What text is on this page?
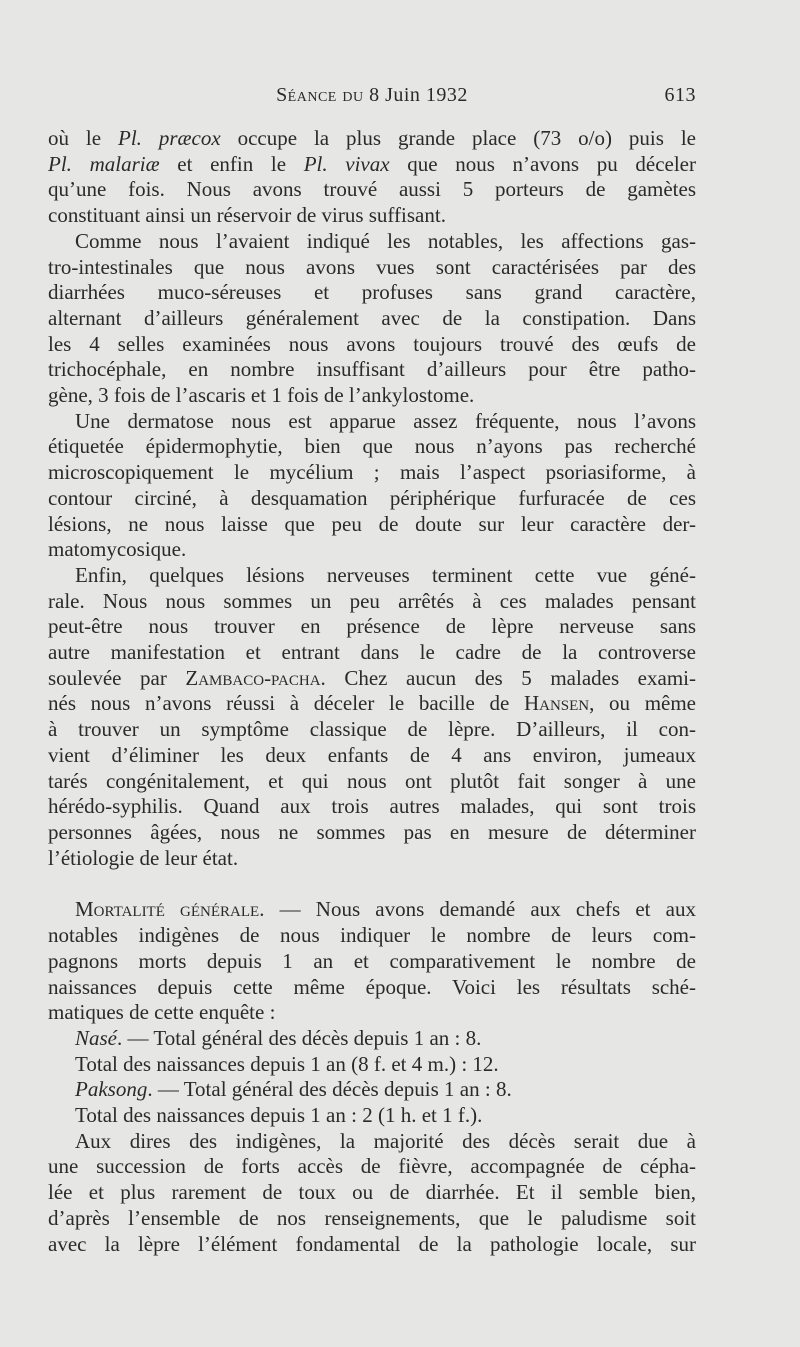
Séance du 8 Juin 1932	613

où le Pl. præcox occupe la plus grande place (73 o/o) puis le
Pl. malariæ et enfin le Pl. vivax que nous n’avons pu déceler
qu’une fois. Nous avons trouvé aussi 5 porteurs de gamètes
constituant ainsi un réservoir de virus suffisant.

Comme nous l’avaient indiqué les notables, les affections gas-
tro-intestinales que nous avons vues sont caractérisées par des
diarrhées muco-séreuses et profuses sans grand caractère,
alternant d’ailleurs généralement avec de la constipation. Dans
les 4 selles examinées nous avons toujours trouvé des œufs de
trichocéphale, en nombre insuffisant d’ailleurs pour être patho-
gène, 3 fois de l’ascaris et 1 fois de l’ankylostome.

Une dermatose nous est apparue assez fréquente, nous l’avons
étiquetée épidermophytie, bien que nous n’ayons pas recherché
microscopiquement le mycélium ; mais l’aspect psoriasiforme, à
contour circiné, à desquamation périphérique furfuracée de ces
lésions, ne nous laisse que peu de doute sur leur caractère der-
matomycosique.

Enfin, quelques lésions nerveuses terminent cette vue géné-
rale. Nous nous sommes un peu arrêtés à ces malades pensant
peut-être nous trouver en présence de lèpre nerveuse sans
autre manifestation et entrant dans le cadre de la controverse
soulevée par Zambaco-pacha. Chez aucun des 5 malades exami-
nés nous n’avons réussi à déceler le bacille de Hansen, ou même
à trouver un symptôme classique de lèpre. D’ailleurs, il con-
vient d’éliminer les deux enfants de 4 ans environ, jumeaux
tarés congénitalement, et qui nous ont plutôt fait songer à une
hérédo-syphilis. Quand aux trois autres malades, qui sont trois
personnes âgées, nous ne sommes pas en mesure de déterminer
l’étiologie de leur état.

Mortalité générale. — Nous avons demandé aux chefs et aux
notables indigènes de nous indiquer le nombre de leurs com-
pagnons morts depuis 1 an et comparativement le nombre de
naissances depuis cette même époque. Voici les résultats sché-
matiques de cette enquête :

Nasé. — Total général des décès depuis 1 an : 8.

Total des naissances depuis 1 an (8 f. et 4 m.) : 12.

Paksong. — Total général des décès depuis 1 an : 8.

Total des naissances depuis 1 an : 2 (1 h. et 1 f.).

Aux dires des indigènes, la majorité des décès serait due à
une succession de forts accès de fièvre, accompagnée de cépha-
lée et plus rarement de toux ou de diarrhée. Et il semble bien,
d’après l’ensemble de nos renseignements, que le paludisme soit
avec la lèpre l’élément fondamental de la pathologie locale, sur
